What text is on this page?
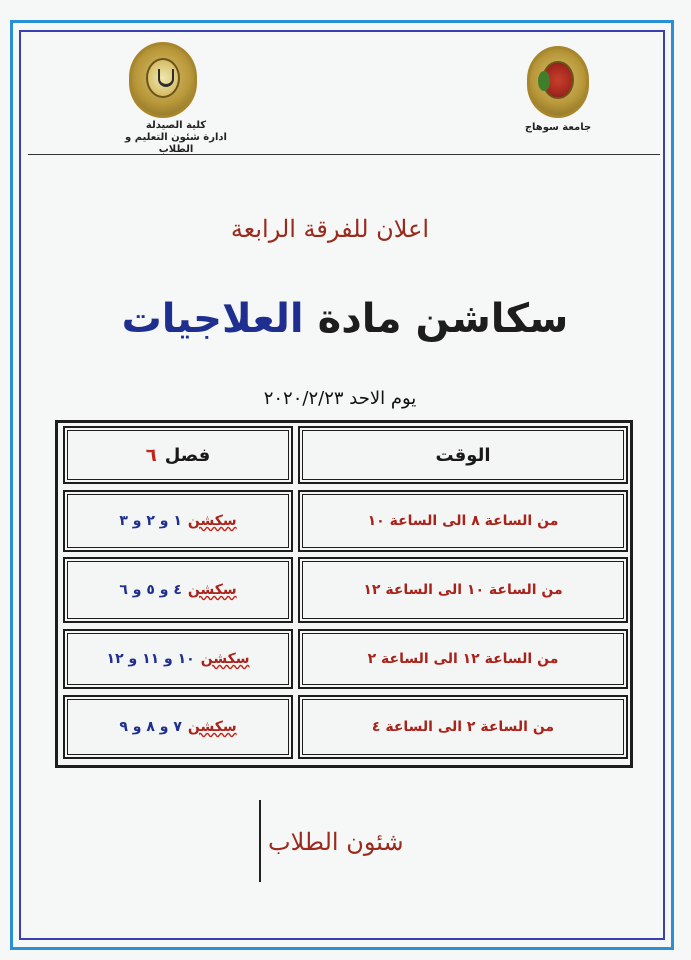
كلية الصيدلة
ادارة شئون التعليم و الطلاب
جامعة سوهاج
اعلان للفرقة الرابعة
سكاشن مادة العلاجيات
يوم الاحد ٢٠٢٠/٢/٢٣
الوقت
فصل
٦
من الساعة ٨ الى الساعة ١٠
سكشن
١ و ٢ و ٣
من الساعة ١٠ الى الساعة ١٢
سكشن
٤ و ٥ و ٦
من الساعة ١٢ الى الساعة ٢
سكشن
١٠ و ١١ و ١٢
من الساعة ٢ الى الساعة ٤
سكشن
٧ و ٨ و ٩
شئون الطلاب
